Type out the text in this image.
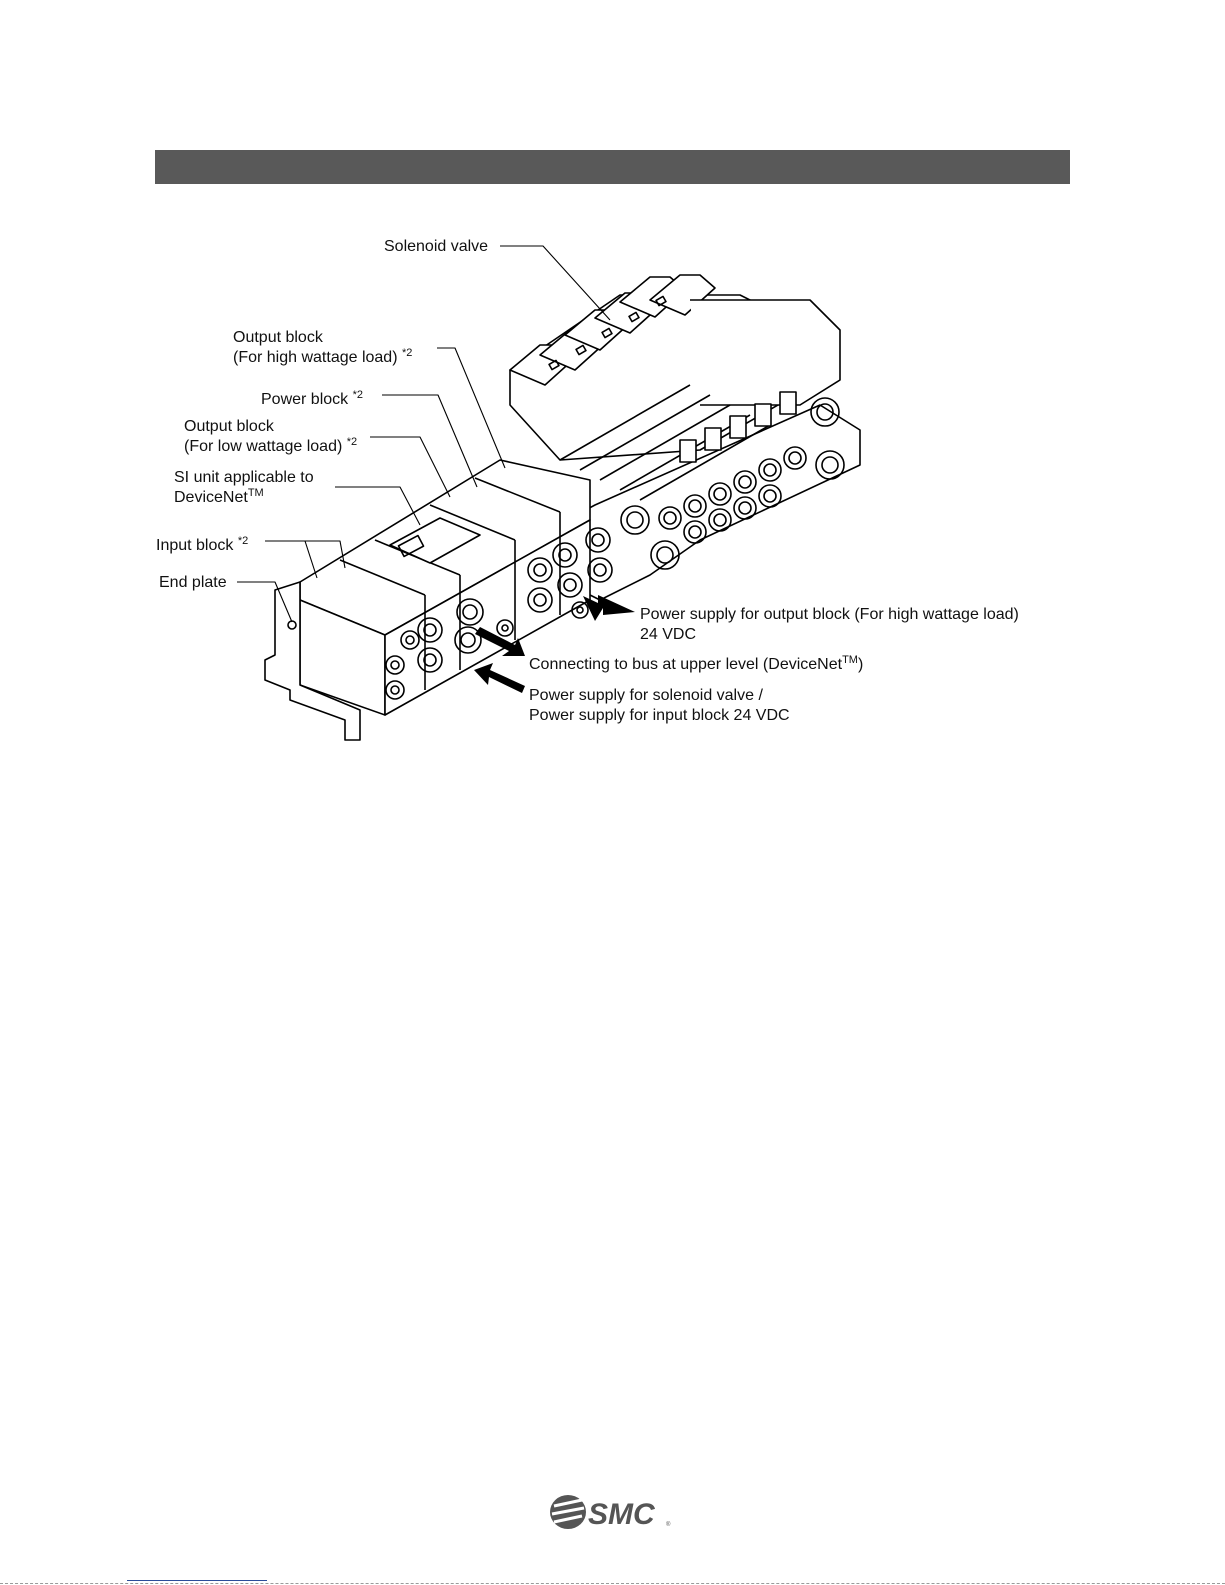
Solenoid valve
Output block
(For high wattage load) $^{*2}$
Power block $^{*2}$
Output block
(For low wattage load) $^{*2}$
SI unit applicable to
DeviceNet™
Input block $^{*2}$
End plate
Power supply for output block (For high wattage load)
24 VDC
Connecting to bus at upper level (DeviceNet™)
Power supply for solenoid valve /
Power supply for input block 24 VDC
SMC ®
